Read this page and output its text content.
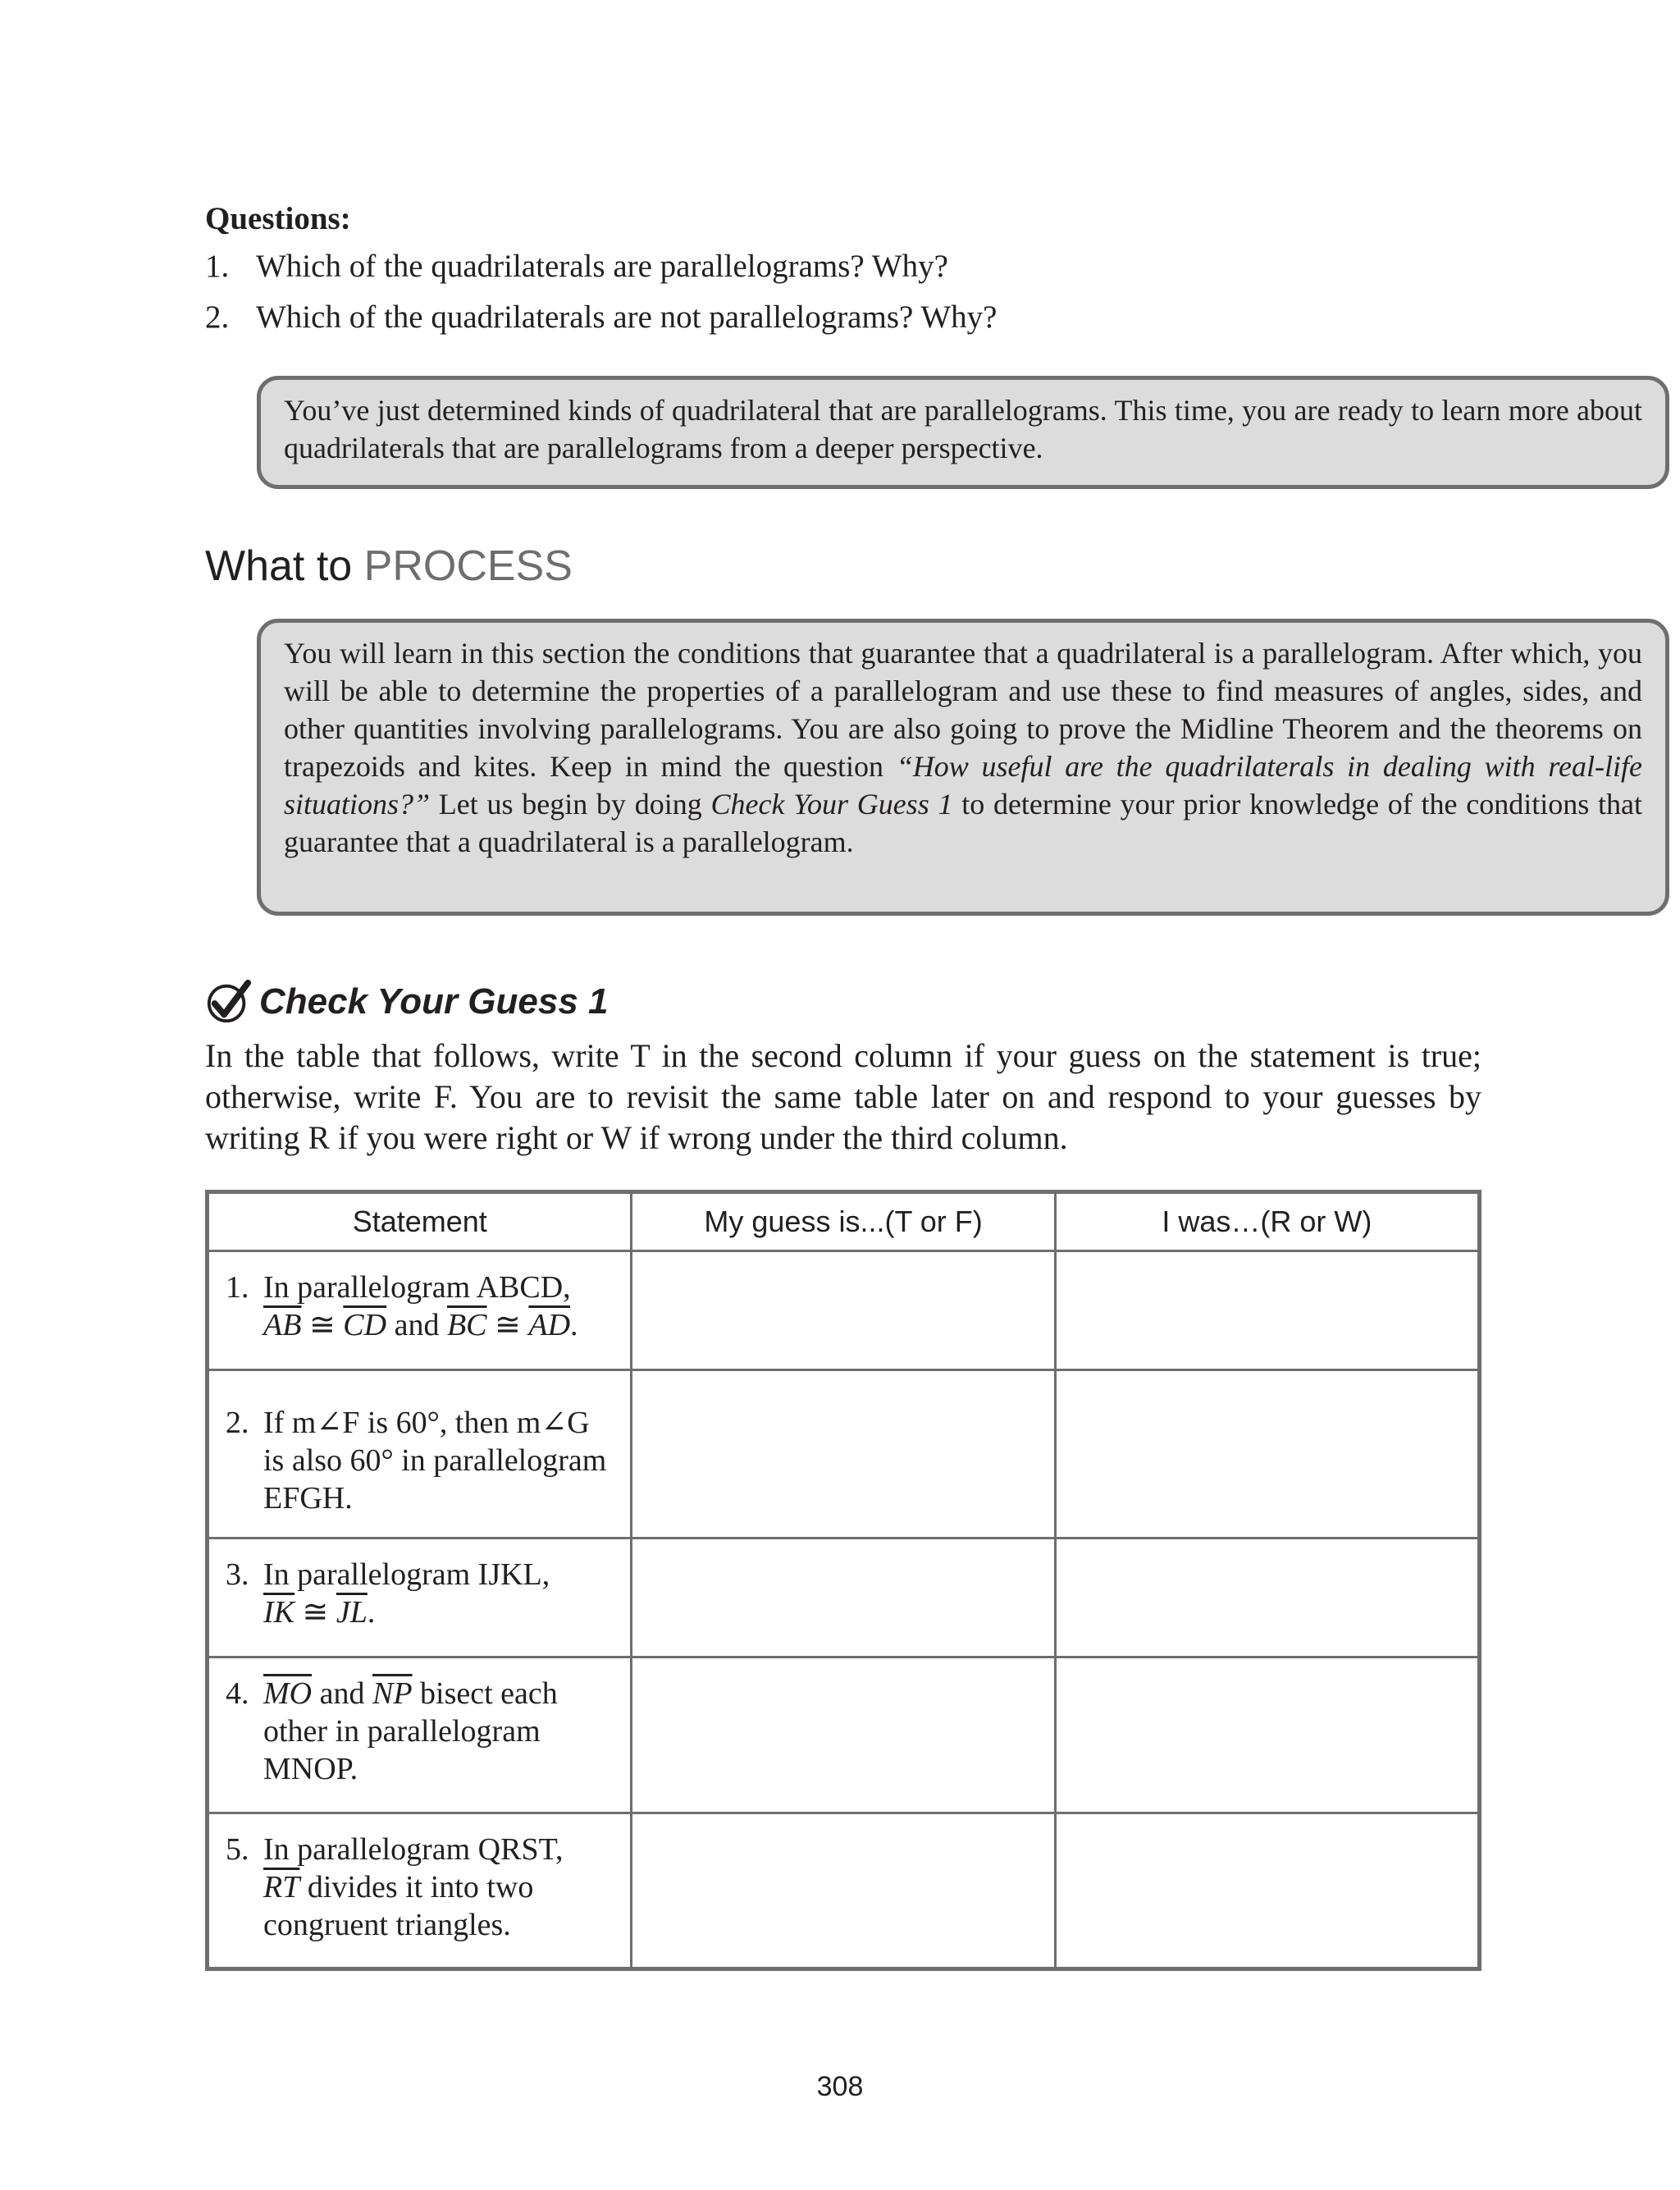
Questions:
1. Which of the quadrilaterals are parallelograms? Why?
2. Which of the quadrilaterals are not parallelograms? Why?
You’ve just determined kinds of quadrilateral that are parallelograms. This time, you are ready to learn more about quadrilaterals that are parallelograms from a deeper perspective.
What to PROCESS
You will learn in this section the conditions that guarantee that a quadrilateral is a parallelogram. After which, you will be able to determine the properties of a parallelogram and use these to find measures of angles, sides, and other quantities involving parallelograms. You are also going to prove the Midline Theorem and the theorems on trapezoids and kites. Keep in mind the question “How useful are the quadrilaterals in dealing with real-life situations?” Let us begin by doing Check Your Guess 1 to determine your prior knowledge of the conditions that guarantee that a quadrilateral is a parallelogram.
Check Your Guess 1
In the table that follows, write T in the second column if your guess on the statement is true; otherwise, write F. You are to revisit the same table later on and respond to your guesses by writing R if you were right or W if wrong under the third column.
Statement	My guess is...(T or F)	I was…(R or W)

1. In parallelogram ABCD,
$\overline{AB}$ ≅ $\overline{CD}$ and $\overline{BC}$ ≅ $\overline{AD}$.		

2. If m∠F is 60°, then m∠G is also 60° in parallelogram EFGH.		

3. In parallelogram IJKL,
$\overline{IK}$ ≅ $\overline{JL}$.		

4. $\overline{MO}$ and $\overline{NP}$ bisect each other in parallelogram MNOP.		

5. In parallelogram QRST,
$\overline{RT}$ divides it into two congruent triangles.		

308
